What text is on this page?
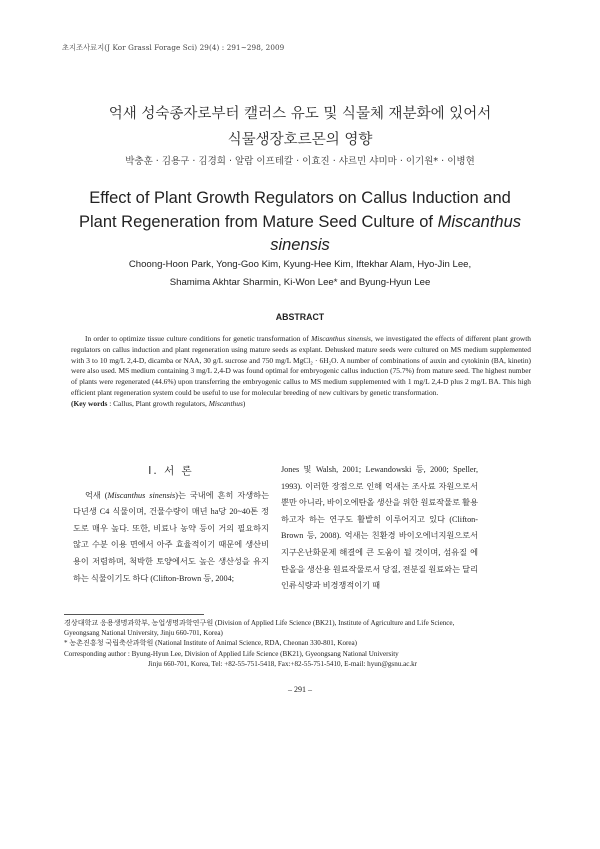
초지조사료지(J Kor Grassl Forage Sci) 29(4) : 291~298, 2009
억새 성숙종자로부터 캘러스 유도 및 식물체 재분화에 있어서
식물생장호르몬의 영향
박충훈 · 김용구 · 김경희 · 알람 이프테칼 · 이효진 · 샤르민 샤미마 · 이기원* · 이병현
Effect of Plant Growth Regulators on Callus Induction and
Plant Regeneration from Mature Seed Culture of Miscanthus
sinensis
Choong-Hoon Park, Yong-Goo Kim, Kyung-Hee Kim, Iftekhar Alam, Hyo-Jin Lee,
Shamima Akhtar Sharmin, Ki-Won Lee* and Byung-Hyun Lee
ABSTRACT

In order to optimize tissue culture conditions for genetic transformation of Miscanthus sinensis, we investigated the effects of different plant growth regulators on callus induction and plant regeneration using mature seeds as explant. Dehusked mature seeds were cultured on MS medium supplemented with 3 to 10 mg/L 2,4-D, dicamba or NAA, 30 g/L sucrose and 750 mg/L MgCl₂ · 6H₂O. A number of combinations of auxin and cytokinin (BA, kinetin) were also used. MS medium containing 3 mg/L 2,4-D was found optimal for embryogenic callus induction (75.7%) from mature seed. The highest number of plants were regenerated (44.6%) upon transferring the embryogenic callus to MS medium supplemented with 1 mg/L 2,4-D plus 2 mg/L BA. This high efficient plant regeneration system could be useful to use for molecular breeding of new cultivars by genetic transformation.

(Key words : Callus, Plant growth regulators, Miscanthus)

Ⅰ. 서 론

억새 (Miscanthus sinensis)는 국내에 흔히 자생하는 다년생 C4 식물이며, 건물수량이 매년 ha당 20~40톤 정도로 매우 높다. 또한, 비료나 농약 등이 거의 필요하지 않고 수분 이용 면에서 아주 효율적이기 때문에 생산비용이 저렴하며, 척박한 토양에서도 높은 생산성을 유지하는 식물이기도 하다 (Clifton-Brown 등, 2004;

Jones 및 Walsh, 2001; Lewandowski 등, 2000; Speller, 1993). 이러한 장점으로 인해 억새는 조사료 자원으로서 뿐만 아니라, 바이오에탄올 생산을 위한 원료작물로 활용하고자 하는 연구도 활발히 이루어지고 있다 (Clifton-Brown 등, 2008). 억새는 친환경 바이오에너지원으로서 지구온난화문제 해결에 큰 도움이 될 것이며, 섬유질 에탄올을 생산용 원료작물로서 당질, 전분질 원료와는 달리 인류식량과 비경쟁적이기 때

경상대학교 응용생명과학부, 농업생명과학연구원 (Division of Applied Life Science (BK21), Institute of Agriculture and Life Science, Gyeongsang National University, Jinju 660-701, Korea)
* 농촌진흥청 국립축산과학원 (National Institute of Animal Science, RDA, Cheonan 330-801, Korea)
Corresponding author : Byung-Hyun Lee, Division of Applied Life Science (BK21), Gyeongsang National University
Jinju 660-701, Korea, Tel: +82-55-751-5418, Fax:+82-55-751-5410, E-mail: hyun@gsnu.ac.kr
– 291 –
